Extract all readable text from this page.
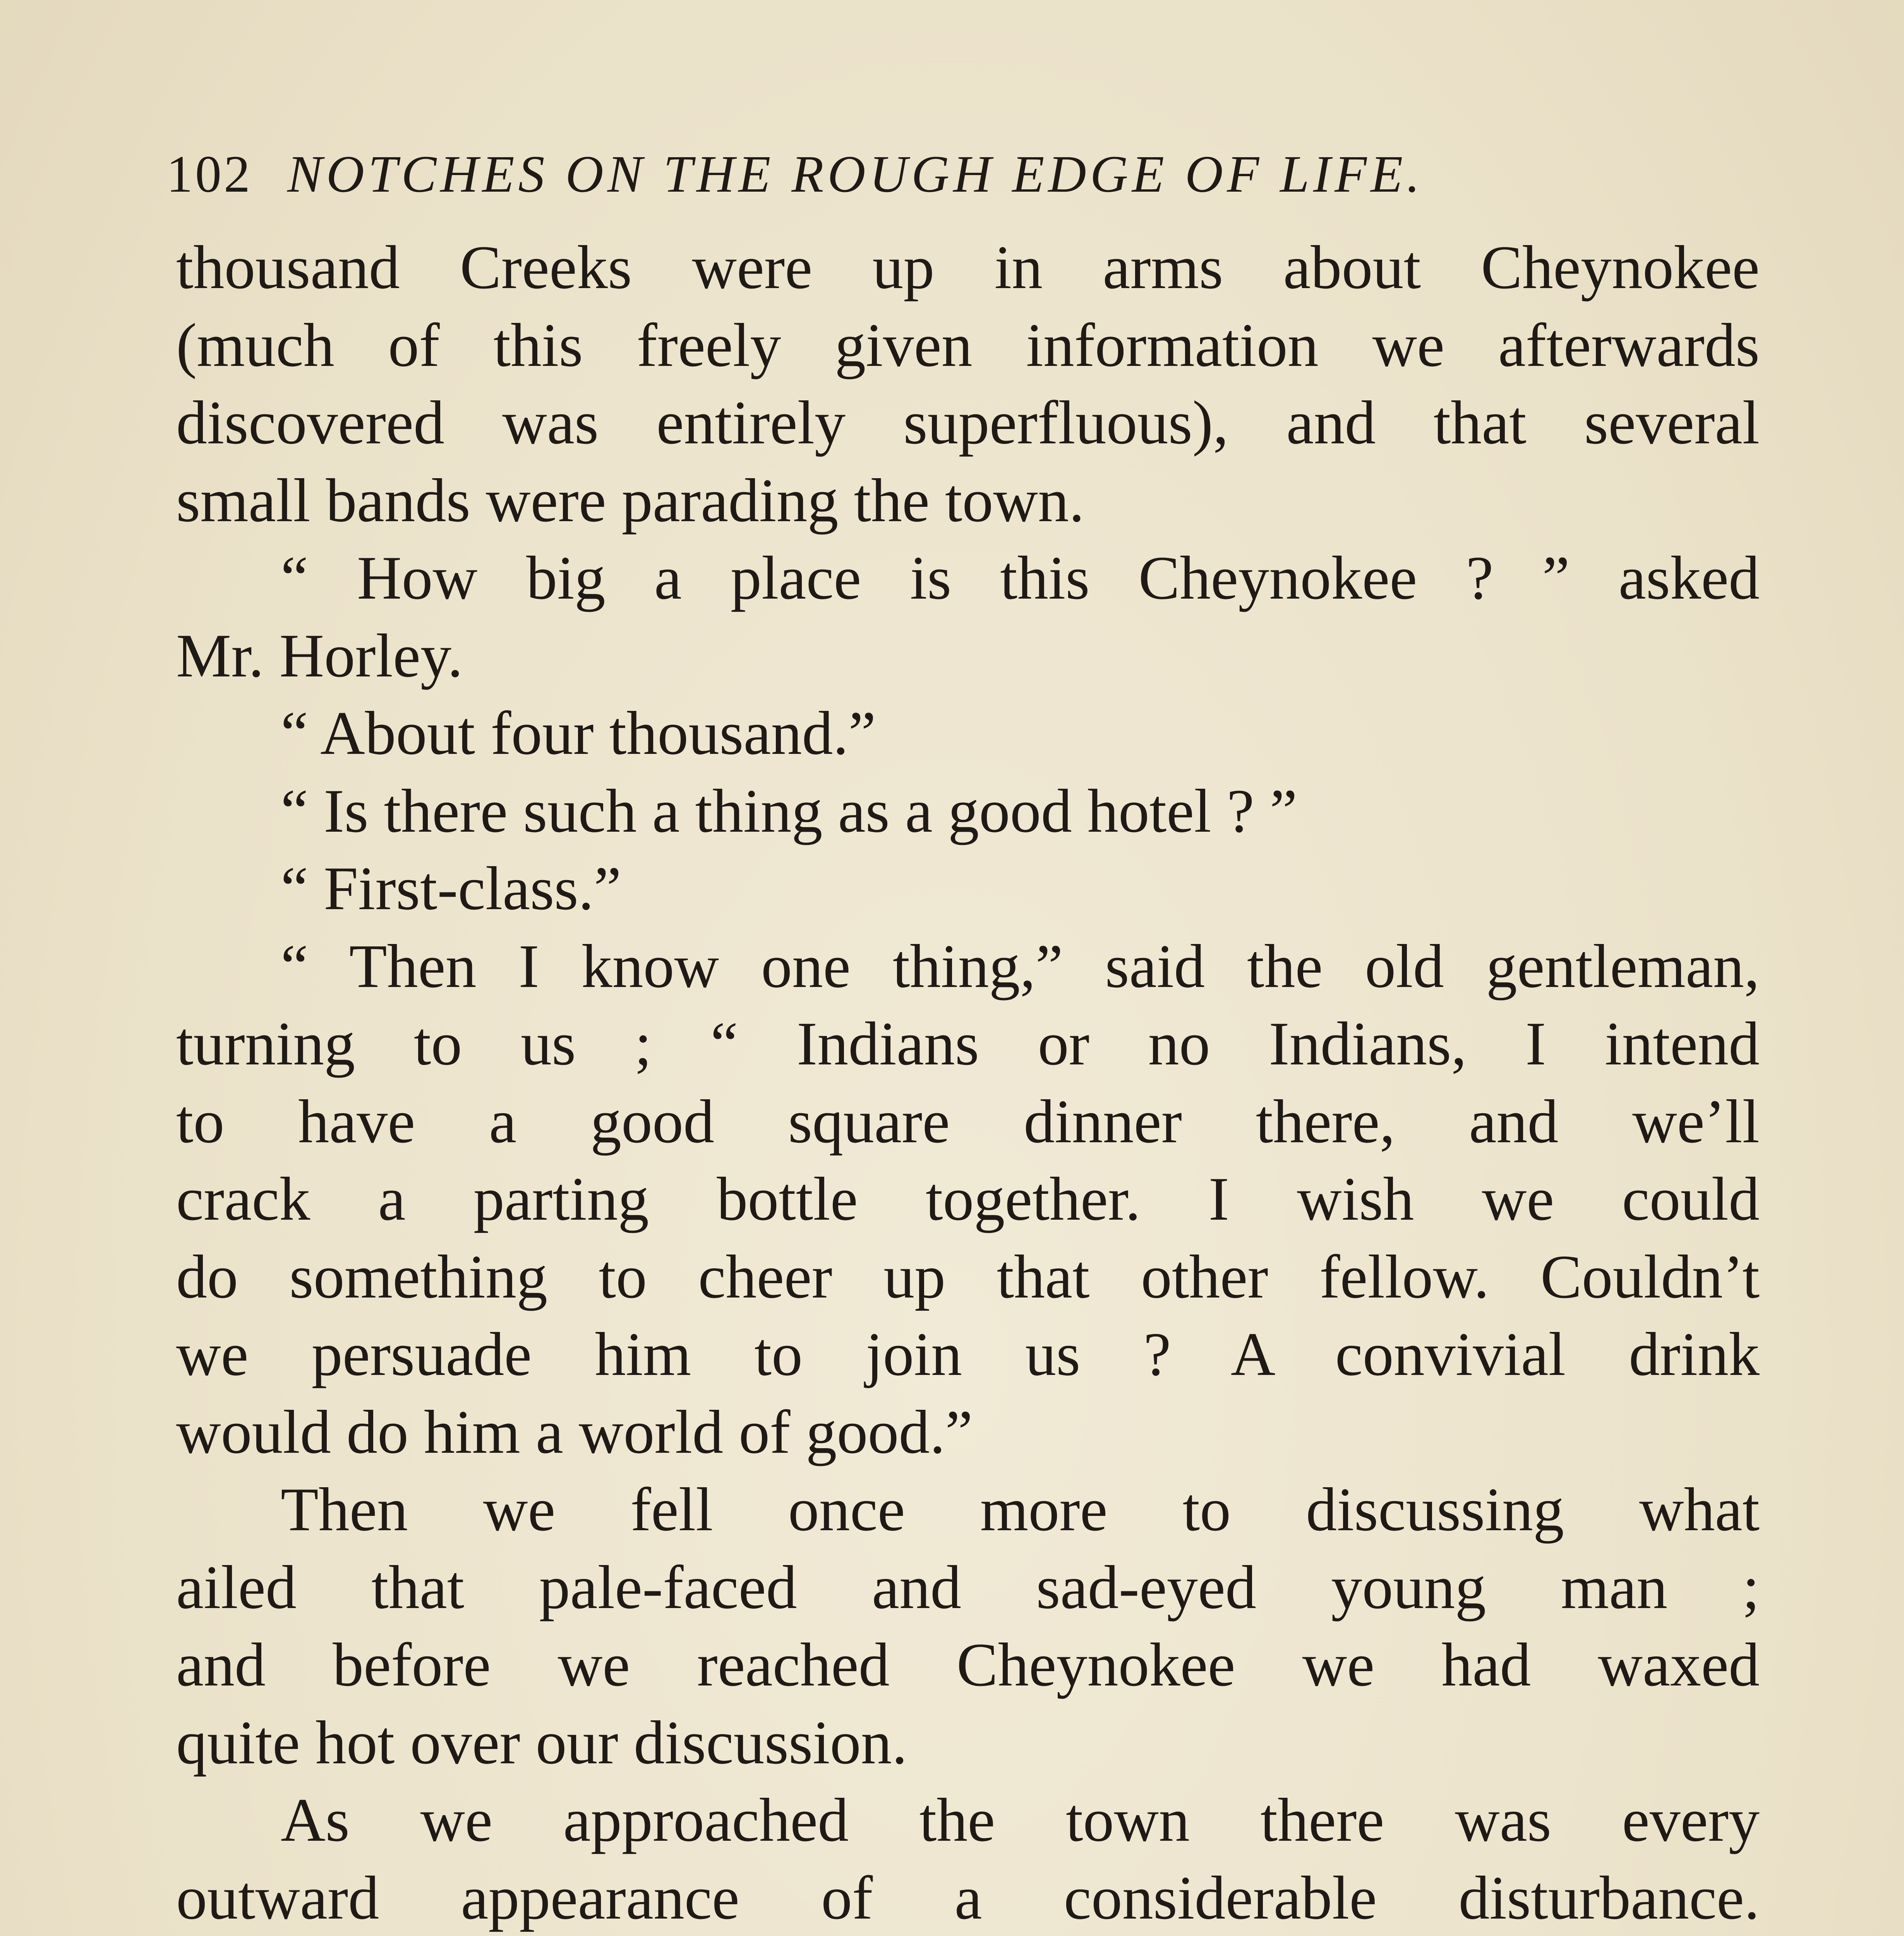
102 NOTCHES ON THE ROUGH EDGE OF LIFE.
thousand Creeks were up in arms about Cheynokee
(much of this freely given information we afterwards
discovered was entirely superfluous), and that several
small bands were parading the town.
“ How big a place is this Cheynokee ? ” asked
Mr. Horley.
“ About four thousand.”
“ Is there such a thing as a good hotel ? ”
“ First-class.”
“ Then I know one thing,” said the old gentleman,
turning to us ; “ Indians or no Indians, I intend
to have a good square dinner there, and we’ll
crack a parting bottle together. I wish we could
do something to cheer up that other fellow. Couldn’t
we persuade him to join us ? A convivial drink
would do him a world of good.”
Then we fell once more to discussing what
ailed that pale-faced and sad-eyed young man ;
and before we reached Cheynokee we had waxed
quite hot over our discussion.
As we approached the town there was every
outward appearance of a considerable disturbance.
